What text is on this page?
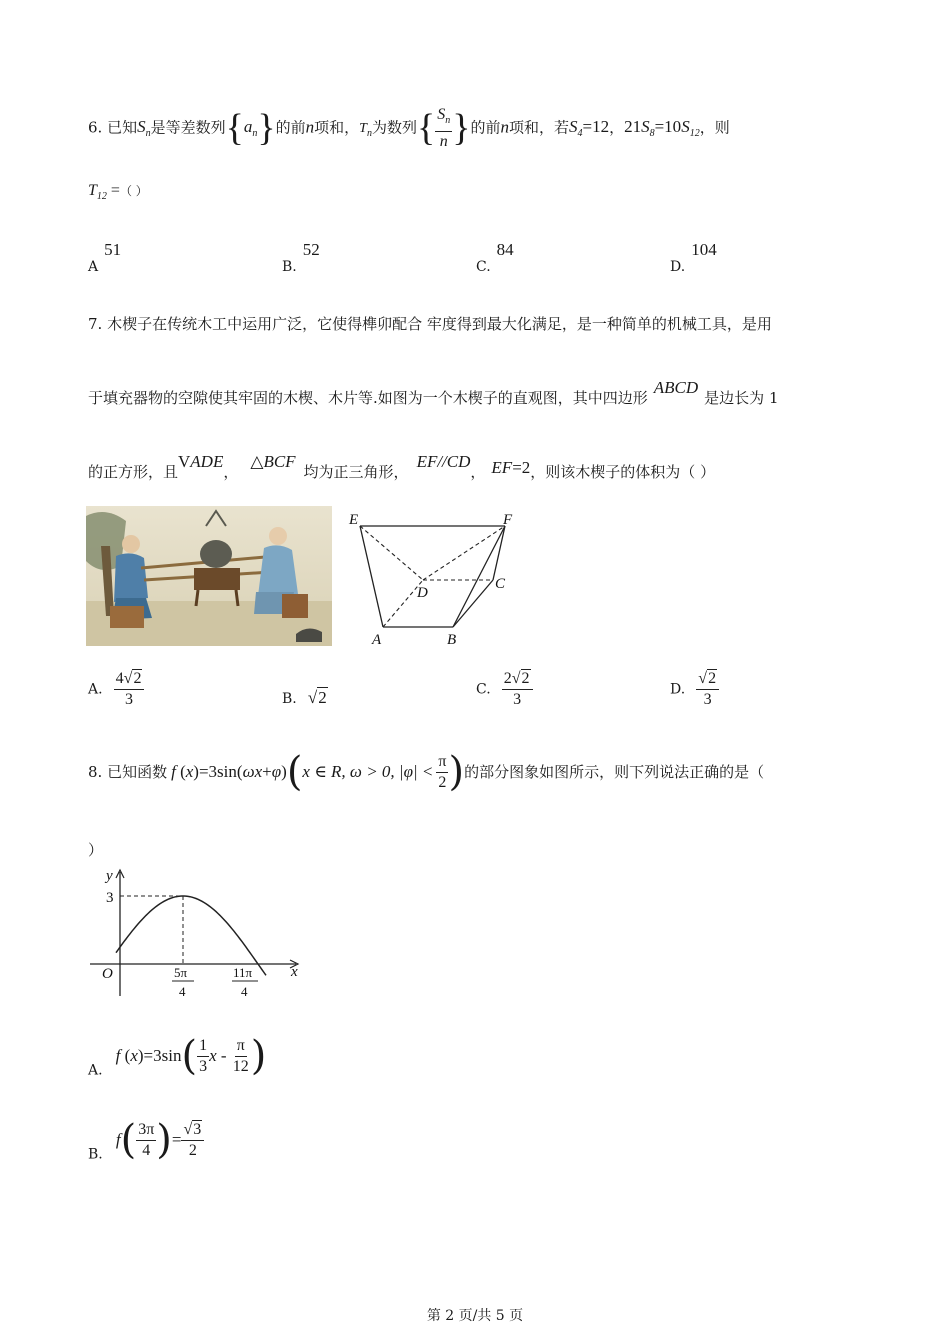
6. 已知$S_n$是等差数列$\{a_n\}$的前n项和，$T_n$为数列{ $\frac{S_n}{n}$ }的前n项和，若$S_4=12$，$21S_8=10S_{12}$，则
$T_{12}$ =（ ）
A51
B.52
C.84
D.104
7. 木楔子在传统木工中运用广泛，它使得榫卯配合 牢度得到最大化满足，是一种简单的机械工具，是用
于填充器物的空隙使其牢固的木楔、木片等.如图为一个木楔子的直观图，其中四边形ABCD是边长为 1
的正方形，且VADE，△BCF均为正三角形，EF//CD， EF=2，则该木楔子的体积为（ ）
E	F
C
D
A	B
A. $\frac{4√2}{3}$	B. √2	C. $\frac{2√2}{3}$	D. $\frac{√2}{3}$
8. 已知函数 f (x)=3sin(ωx+φ)(x ∈ R, ω > 0, $|\varphi| < \frac{\pi}{2}$ )的部分图象如图所示，则下列说法正确的是（
）
y
x
O
3
5π
4
11π
4
A. f $(x)=3\sin( \frac{1}{3}$ x - $\frac{\pi}{12}$ )
B. $f( \frac{3\pi}{4}$ )= $\frac{√3}{2}$
第 2 页/共 5 页
